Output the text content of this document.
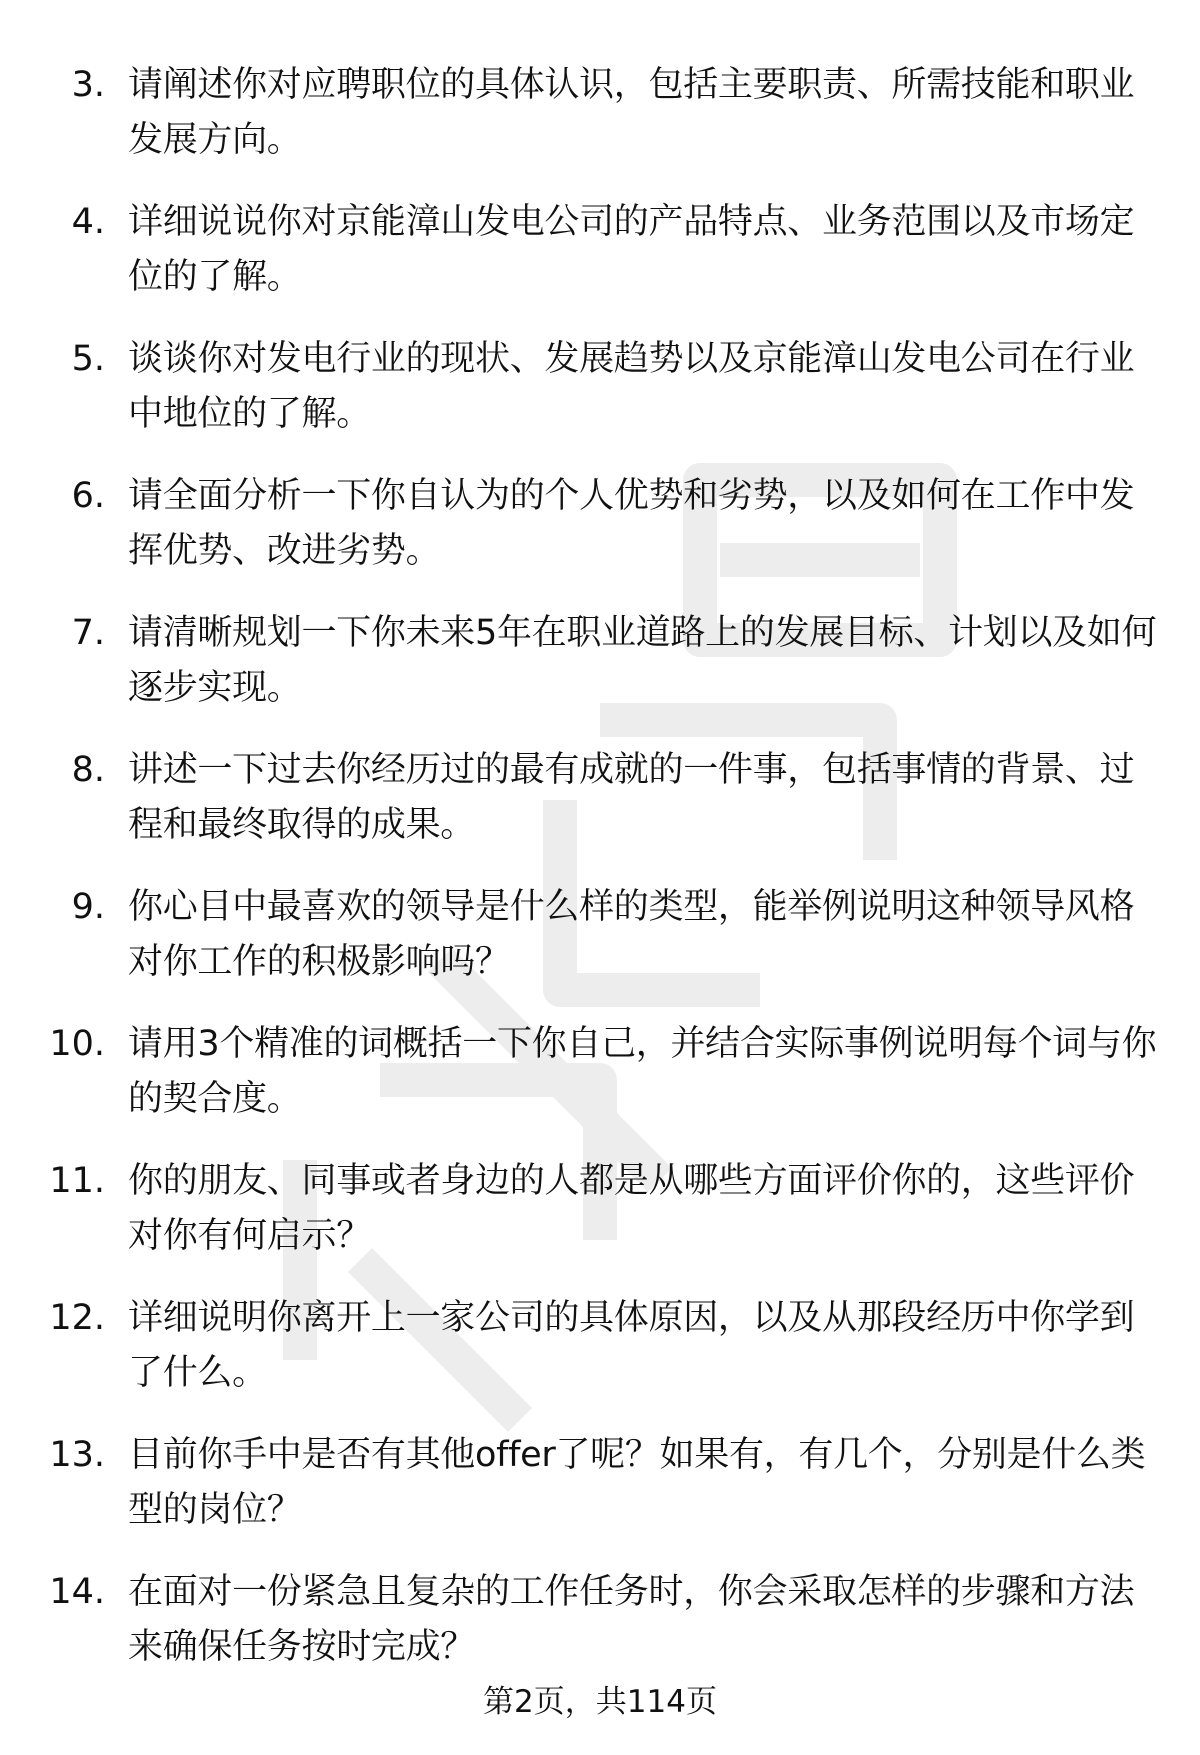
3. 请阐述你对应聘职位的具体认识，包括主要职责、所需技能和职业发展方向。
4. 详细说说你对京能漳山发电公司的产品特点、业务范围以及市场定位的了解。
5. 谈谈你对发电行业的现状、发展趋势以及京能漳山发电公司在行业中地位的了解。
6. 请全面分析一下你自认为的个人优势和劣势，以及如何在工作中发挥优势、改进劣势。
7. 请清晰规划一下你未来5年在职业道路上的发展目标、计划以及如何逐步实现。
8. 讲述一下过去你经历过的最有成就的一件事，包括事情的背景、过程和最终取得的成果。
9. 你心目中最喜欢的领导是什么样的类型，能举例说明这种领导风格对你工作的积极影响吗？
10. 请用3个精准的词概括一下你自己，并结合实际事例说明每个词与你的契合度。
11. 你的朋友、同事或者身边的人都是从哪些方面评价你的，这些评价对你有何启示？
12. 详细说明你离开上一家公司的具体原因，以及从那段经历中你学到了什么。
13. 目前你手中是否有其他offer了呢？如果有，有几个，分别是什么类型的岗位？
14. 在面对一份紧急且复杂的工作任务时，你会采取怎样的步骤和方法来确保任务按时完成？
第2页，共114页
